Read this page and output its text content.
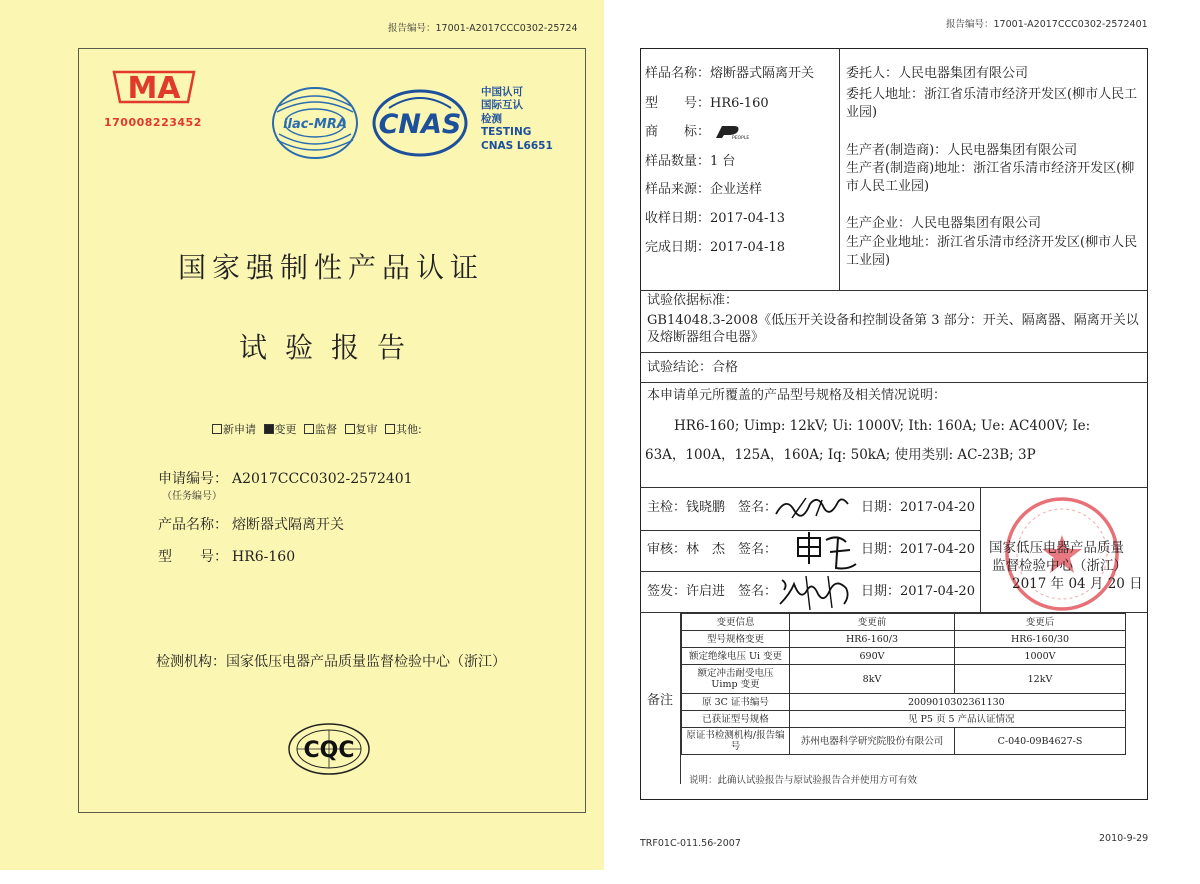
报告编号：17001-A2017CCC0302-25724
MA
170008223452	ilac-MRA CNAS
中国认可
国际互认
检测
TESTING
CNAS L6651
国家强制性产品认证
试验报告
新申请 变更 监督 复审 其他:
申请编号： A2017CCC0302-2572401
（任务编号）
产品名称： 熔断器式隔离开关
型　　号： HR6-160
检测机构：国家低压电器产品质量监督检验中心（浙江）
CQC
报告编号：17001-A2017CCC0302-2572401
样品名称：熔断器式隔离开关
型　　号：HR6-160
商　　标：	PEOPLE
样品数量：1 台
样品来源：企业送样
收样日期：2017-04-13
完成日期：2017-04-18
委托人：人民电器集团有限公司
委托人地址：浙江省乐清市经济开发区(柳市人民工业园)
生产者(制造商)：人民电器集团有限公司
生产者(制造商)地址：浙江省乐清市经济开发区(柳市人民工业园)
生产企业：人民电器集团有限公司
生产企业地址：浙江省乐清市经济开发区(柳市人民工业园)
试验依据标准：
GB14048.3-2008《低压开关设备和控制设备第 3 部分：开关、隔离器、隔离开关以及熔断器组合电器》
试验结论：合格
本申请单元所覆盖的产品型号规格及相关情况说明：
HR6-160; Uimp: 12kV; Ui: 1000V; Ith: 160A; Ue: AC400V; Ie:
63A，100A，125A，160A; Iq: 50kA; 使用类别: AC-23B; 3P
主检：钱晓鹏　 签名：	日期：2017-04-20
审核：林　杰　 签名：	日期：2017-04-20
签发：许启进　 签名：	日期：2017-04-20
国家低压电器产品质量
监督检验中心（浙江）
2017 年 04 月 20 日
备注
变更信息	变更前	变更后
型号规格变更	HR6-160/3	HR6-160/30
额定绝缘电压 Ui 变更	690V	1000V
额定冲击耐受电压 Uimp 变更	8kV	12kV
原 3C 证书编号	2009010302361130	
已获证型号规格	见 P5 页 5 产品认证情况	
原证书检测机构/报告编号	苏州电器科学研究院股份有限公司	C-040-09B4627-S
说明：此确认试验报告与原试验报告合并使用方可有效
TRF01C-011.56-2007	2010-9-29
